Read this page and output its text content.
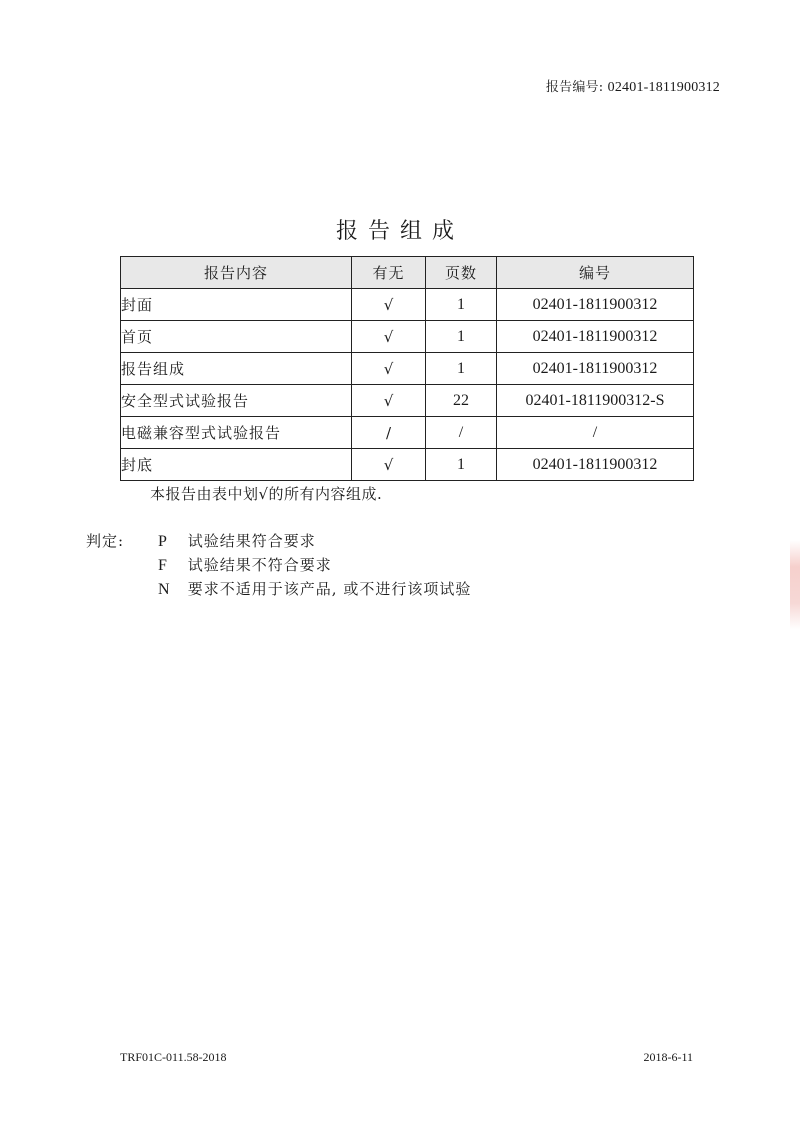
报告编号: 02401-1811900312
报告组成
报告内容	有无	页数	编号
封面	√	1	02401-1811900312
首页	√	1	02401-1811900312
报告组成	√	1	02401-1811900312
安全型式试验报告	√	22	02401-1811900312-S
电磁兼容型式试验报告	/	/	/
封底	√	1	02401-1811900312
本报告由表中划√的所有内容组成.
判定: P 试验结果符合要求
F 试验结果不符合要求
N 要求不适用于该产品, 或不进行该项试验
TRF01C-011.58-2018	2018-6-11
